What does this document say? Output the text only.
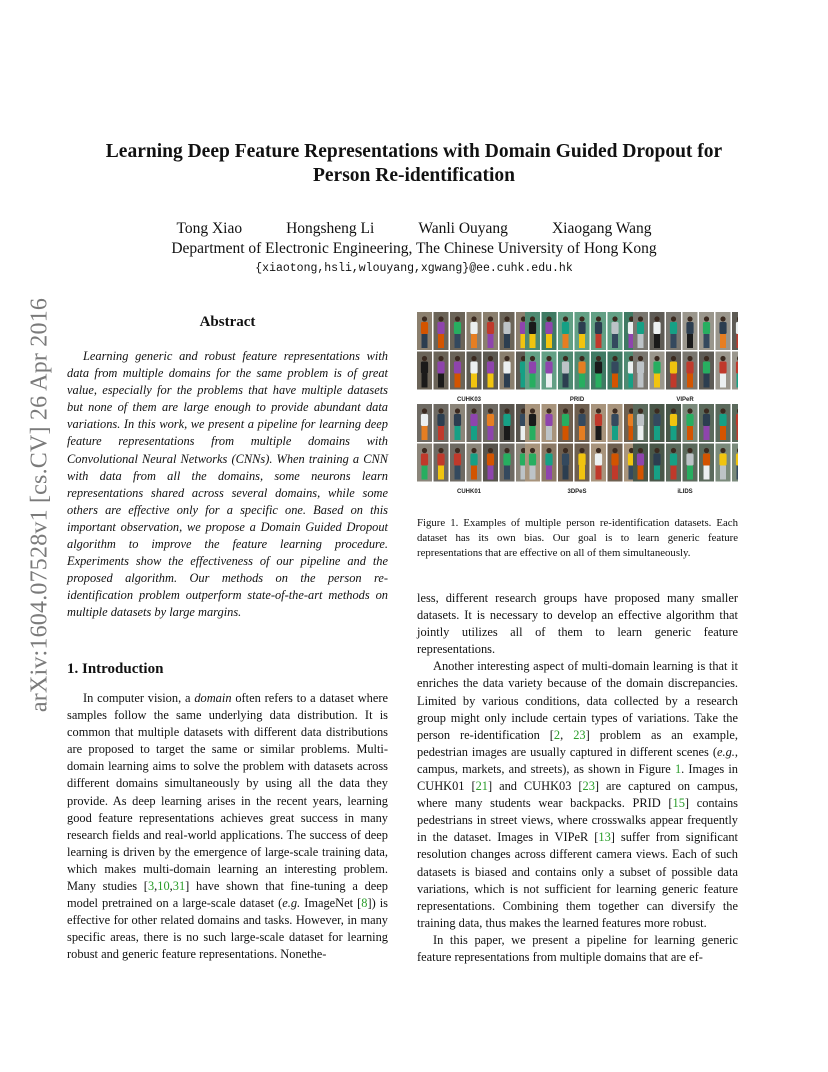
arXiv:1604.07528v1 [cs.CV] 26 Apr 2016
Learning Deep Feature Representations with Domain Guided Dropout for Person Re-identification
Tong Xiao	Hongsheng Li	Wanli Ouyang	Xiaogang Wang
Department of Electronic Engineering, The Chinese University of Hong Kong
{xiaotong,hsli,wlouyang,xgwang}@ee.cuhk.edu.hk
Abstract

Learning generic and robust feature representations with data from multiple domains for the same problem is of great value, especially for the problems that have multiple datasets but none of them are large enough to provide abundant data variations. In this work, we present a pipeline for learning deep feature representations from multiple domains with Convolutional Neural Networks (CNNs). When training a CNN with data from all the domains, some neurons learn representations shared across several domains, while some others are effective only for a specific one. Based on this important observation, we propose a Domain Guided Dropout algorithm to improve the feature learning procedure. Experiments show the effectiveness of our pipeline and the proposed algorithm. Our methods on the person re-identification problem outperform state-of-the-art methods on multiple datasets by large margins.

1. Introduction

In computer vision, a domain often refers to a dataset where samples follow the same underlying data distribution. It is common that multiple datasets with different data distributions are proposed to target the same or similar problems. Multi-domain learning aims to solve the problem with datasets across different domains simultaneously by using all the data they provide. As deep learning arises in the recent years, learning good feature representations achieves great success in many research fields and real-world applications. The success of deep learning is driven by the emergence of large-scale training data, which makes multi-domain learning an interesting problem. Many studies [3,10,31] have shown that fine-tuning a deep model pretrained on a large-scale dataset (e.g. ImageNet [8]) is effective for other related domains and tasks. However, in many specific areas, there is no such large-scale dataset for learning robust and generic feature representations. Nonethe-

CUHK03	PRID	VIPeR
CUHK01	3DPeS	iLIDS

Figure 1. Examples of multiple person re-identification datasets. Each dataset has its own bias. Our goal is to learn generic feature representations that are effective on all of them simultaneously.

less, different research groups have proposed many smaller datasets. It is necessary to develop an effective algorithm that jointly utilizes all of them to learn generic feature representations.

Another interesting aspect of multi-domain learning is that it enriches the data variety because of the domain discrepancies. Limited by various conditions, data collected by a research group might only include certain types of variations. Take the person re-identification [2, 23] problem as an example, pedestrian images are usually captured in different scenes (e.g., campus, markets, and streets), as shown in Figure 1. Images in CUHK01 [21] and CUHK03 [23] are captured on campus, where many students wear backpacks. PRID [15] contains pedestrians in street views, where crosswalks appear frequently in the dataset. Images in VIPeR [13] suffer from significant resolution changes across different camera views. Each of such datasets is biased and contains only a subset of possible data variations, which is not sufficient for learning generic feature representations. Combining them together can diversify the training data, thus makes the learned features more robust.

In this paper, we present a pipeline for learning generic feature representations from multiple domains that are ef-
